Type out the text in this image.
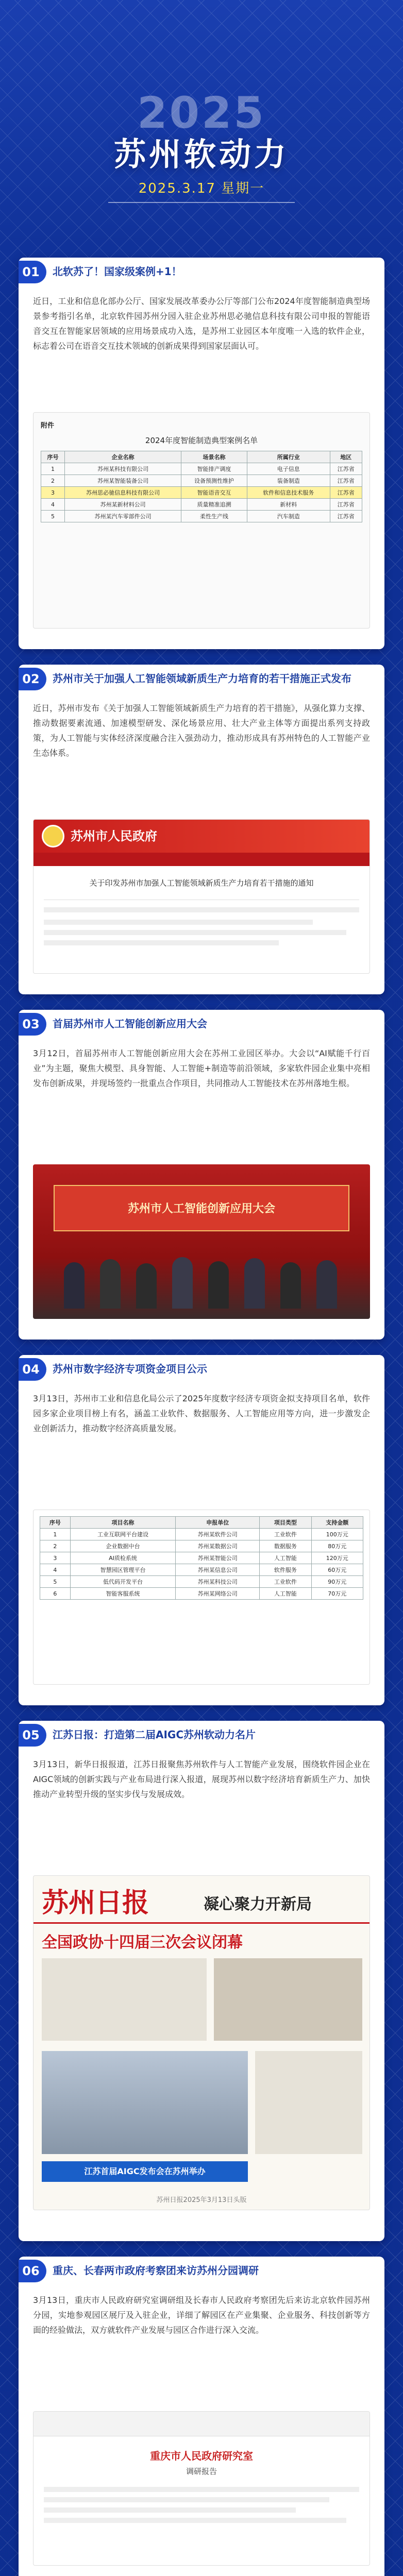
2025
苏州软动力
2025.3.17 星期一
01	北软苏了！国家级案例+1！
近日，工业和信息化部办公厅、国家发展改革委办公厅等部门公布2024年度智能制造典型场景参考指引名单，北京软件园苏州分园入驻企业苏州思必驰信息科技有限公司申报的智能语音交互在智能家居领域的应用场景成功入选，是苏州工业园区本年度唯一入选的软件企业，标志着公司在语音交互技术领域的创新成果得到国家层面认可。
附件
2024年度智能制造典型案例名单
序号	企业名称	场景名称	所属行业	地区
1	苏州某科技有限公司	智能排产调度	电子信息	江苏省
2	苏州某智能装备公司	设备预测性维护	装备制造	江苏省
3	苏州思必驰信息科技有限公司	智能语音交互	软件和信息技术服务	江苏省
4	苏州某新材料公司	质量精准追溯	新材料	江苏省
5	苏州某汽车零部件公司	柔性生产线	汽车制造	江苏省
02	苏州市关于加强人工智能领域新质生产力培育的若干措施正式发布
近日，苏州市发布《关于加强人工智能领域新质生产力培育的若干措施》，从强化算力支撑、推动数据要素流通、加速模型研发、深化场景应用、壮大产业主体等方面提出系列支持政策，为人工智能与实体经济深度融合注入强劲动力，推动形成具有苏州特色的人工智能产业生态体系。
苏州市人民政府
关于印发苏州市加强人工智能领域新质生产力培育若干措施的通知
03	首届苏州市人工智能创新应用大会
3月12日，首届苏州市人工智能创新应用大会在苏州工业园区举办。大会以“AI赋能千行百业”为主题，聚焦大模型、具身智能、人工智能+制造等前沿领域，多家软件园企业集中亮相发布创新成果，并现场签约一批重点合作项目，共同推动人工智能技术在苏州落地生根。
苏州市人工智能创新应用大会
04	苏州市数字经济专项资金项目公示
3月13日，苏州市工业和信息化局公示了2025年度数字经济专项资金拟支持项目名单，软件园多家企业项目榜上有名，涵盖工业软件、数据服务、人工智能应用等方向，进一步激发企业创新活力，推动数字经济高质量发展。
序号	项目名称	申报单位	项目类型	支持金额
1	工业互联网平台建设	苏州某软件公司	工业软件	100万元
2	企业数据中台	苏州某数据公司	数据服务	80万元
3	AI质检系统	苏州某智能公司	人工智能	120万元
4	智慧园区管理平台	苏州某信息公司	软件服务	60万元
5	低代码开发平台	苏州某科技公司	工业软件	90万元
6	智能客服系统	苏州某网络公司	人工智能	70万元
05	江苏日报：打造第二届AIGC苏州软动力名片
3月13日，新华日报报道，江苏日报聚焦苏州软件与人工智能产业发展，围绕软件园企业在AIGC领域的创新实践与产业布局进行深入报道，展现苏州以数字经济培育新质生产力、加快推动产业转型升级的坚实步伐与发展成效。
苏州日报	凝心聚力开新局
全国政协十四届三次会议闭幕
江苏首届AIGC发布会在苏州举办
苏州日报2025年3月13日头版
06	重庆、长春两市政府考察团来访苏州分园调研
3月13日，重庆市人民政府研究室调研组及长春市人民政府考察团先后来访北京软件园苏州分园，实地参观园区展厅及入驻企业，详细了解园区在产业集聚、企业服务、科技创新等方面的经验做法，双方就软件产业发展与园区合作进行深入交流。
重庆市人民政府研究室
调研报告
